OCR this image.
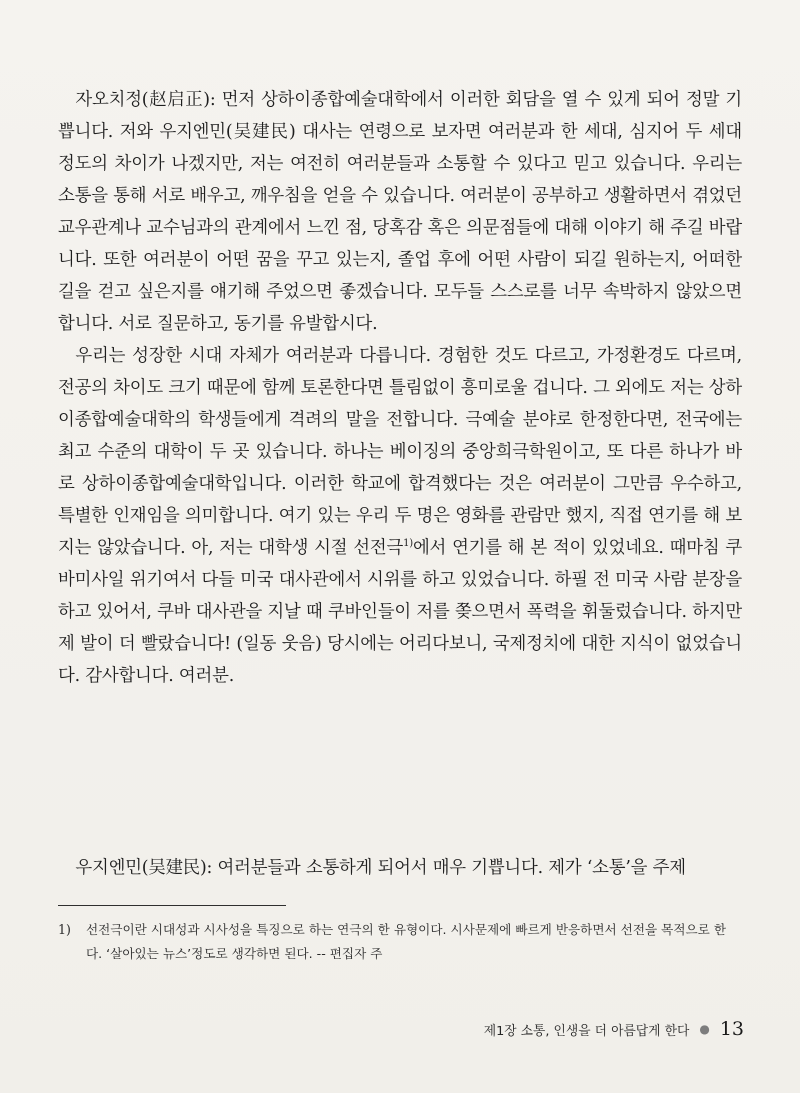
자오치정(赵启正): 먼저 상하이종합예술대학에서 이러한 회담을 열 수 있게 되어 정말 기쁩니다. 저와 우지엔민(吴建民) 대사는 연령으로 보자면 여러분과 한 세대, 심지어 두 세대 정도의 차이가 나겠지만, 저는 여전히 여러분들과 소통할 수 있다고 믿고 있습니다. 우리는 소통을 통해 서로 배우고, 깨우침을 얻을 수 있습니다. 여러분이 공부하고 생활하면서 겪었던 교우관계나 교수님과의 관계에서 느낀 점, 당혹감 혹은 의문점들에 대해 이야기 해 주길 바랍니다. 또한 여러분이 어떤 꿈을 꾸고 있는지, 졸업 후에 어떤 사람이 되길 원하는지, 어떠한 길을 걷고 싶은지를 얘기해 주었으면 좋겠습니다. 모두들 스스로를 너무 속박하지 않았으면 합니다. 서로 질문하고, 동기를 유발합시다.

우리는 성장한 시대 자체가 여러분과 다릅니다. 경험한 것도 다르고, 가정환경도 다르며, 전공의 차이도 크기 때문에 함께 토론한다면 틀림없이 흥미로울 겁니다. 그 외에도 저는 상하이종합예술대학의 학생들에게 격려의 말을 전합니다. 극예술 분야로 한정한다면, 전국에는 최고 수준의 대학이 두 곳 있습니다. 하나는 베이징의 중앙희극학원이고, 또 다른 하나가 바로 상하이종합예술대학입니다. 이러한 학교에 합격했다는 것은 여러분이 그만큼 우수하고, 특별한 인재임을 의미합니다. 여기 있는 우리 두 명은 영화를 관람만 했지, 직접 연기를 해 보지는 않았습니다. 아, 저는 대학생 시절 선전극$^{1)}$에서 연기를 해 본 적이 있었네요. 때마침 쿠바미사일 위기여서 다들 미국 대사관에서 시위를 하고 있었습니다. 하필 전 미국 사람 분장을 하고 있어서, 쿠바 대사관을 지날 때 쿠바인들이 저를 쫒으면서 폭력을 휘둘렀습니다. 하지만 제 발이 더 빨랐습니다! (일동 웃음) 당시에는 어리다보니, 국제정치에 대한 지식이 없었습니다. 감사합니다. 여러분.

우지엔민(吴建民): 여러분들과 소통하게 되어서 매우 기쁩니다. 제가 ‘소통’을 주제

1)	선전극이란 시대성과 시사성을 특징으로 하는 연극의 한 유형이다. 시사문제에 빠르게 반응하면서 선전을 목적으로 한다. ‘살아있는 뉴스’정도로 생각하면 된다. -- 편집자 주
제1장 소통, 인생을 더 아름답게 한다 ● 13
